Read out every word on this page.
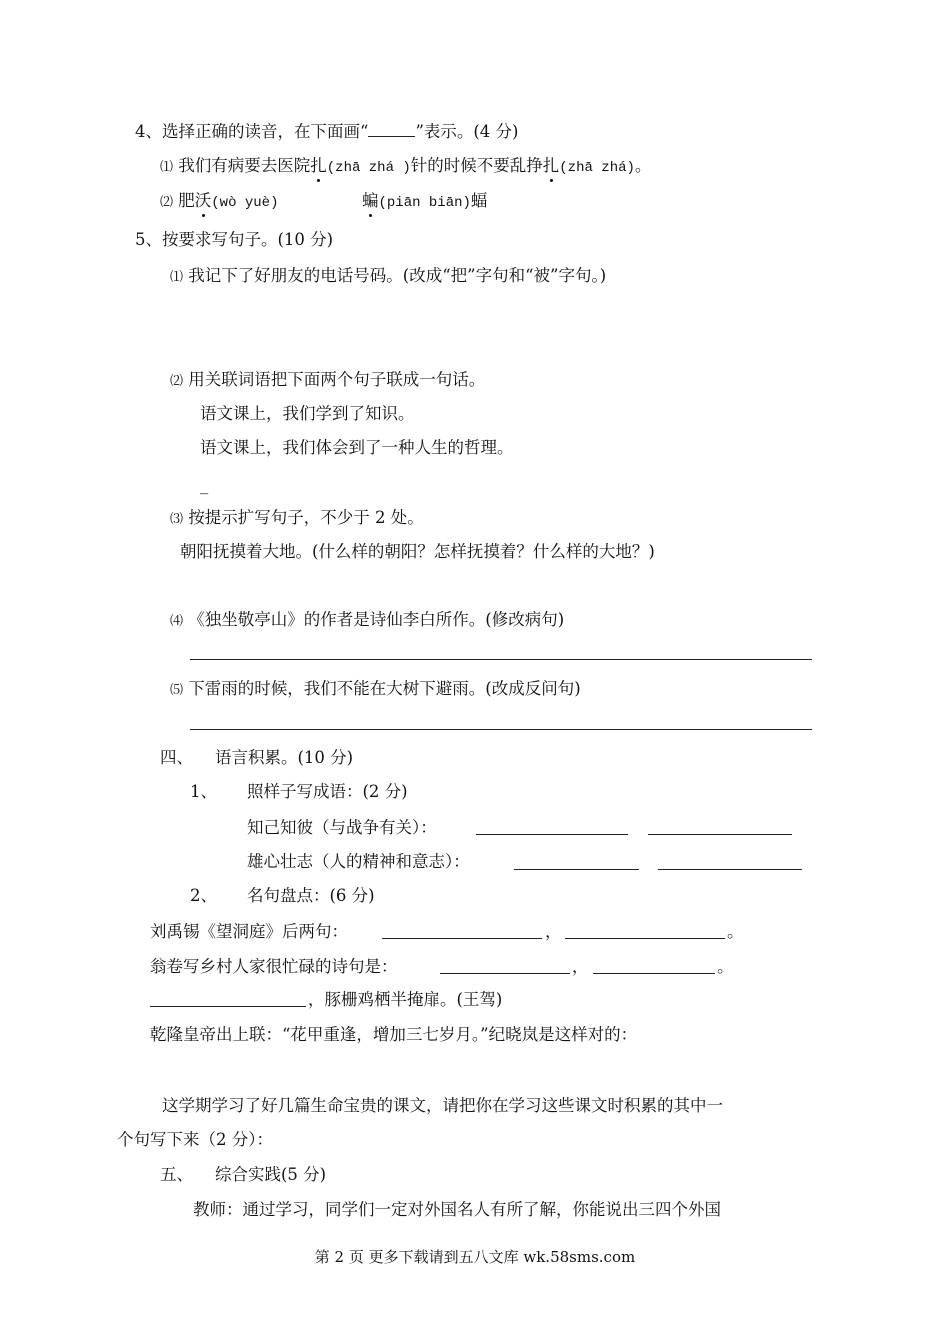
4、选择正确的读音，在下面画“	”表示。(4 分)
⑴ 我们有病要去医院扎(zhā zhá )针的时候不要乱挣扎(zhā zhá)。
⑵ 肥沃(wò yuè)	蝙(piān biān)蝠
5、按要求写句子。(10 分)
⑴ 我记下了好朋友的电话号码。(改成“把”字句和“被”字句。)
⑵ 用关联词语把下面两个句子联成一句话。
语文课上，我们学到了知识。
语文课上，我们体会到了一种人生的哲理。
_
⑶ 按提示扩写句子，不少于 2 处。
朝阳抚摸着大地。(什么样的朝阳？怎样抚摸着？什么样的大地？)
⑷ 《独坐敬亭山》的作者是诗仙李白所作。(修改病句)
⑸ 下雷雨的时候，我们不能在大树下避雨。(改成反问句)
四、 语言积累。(10 分)
1、 照样子写成语：(2 分)
知己知彼（与战争有关）：
雄心壮志（人的精神和意志）：
2、 名句盘点：(6 分)
刘禹锡《望洞庭》后两句：	，	。
翁卷写乡村人家很忙碌的诗句是：	，	。
，豚栅鸡栖半掩扉。(王驾)
乾隆皇帝出上联：“花甲重逢，增加三七岁月。”纪晓岚是这样对的：
这学期学习了好几篇生命宝贵的课文，请把你在学习这些课文时积累的其中一
个句写下来（2 分）：
五、 综合实践(5 分)
教师：通过学习，同学们一定对外国名人有所了解，你能说出三四个外国
第 2 页 更多下载请到五八文库 wk.58sms.com
